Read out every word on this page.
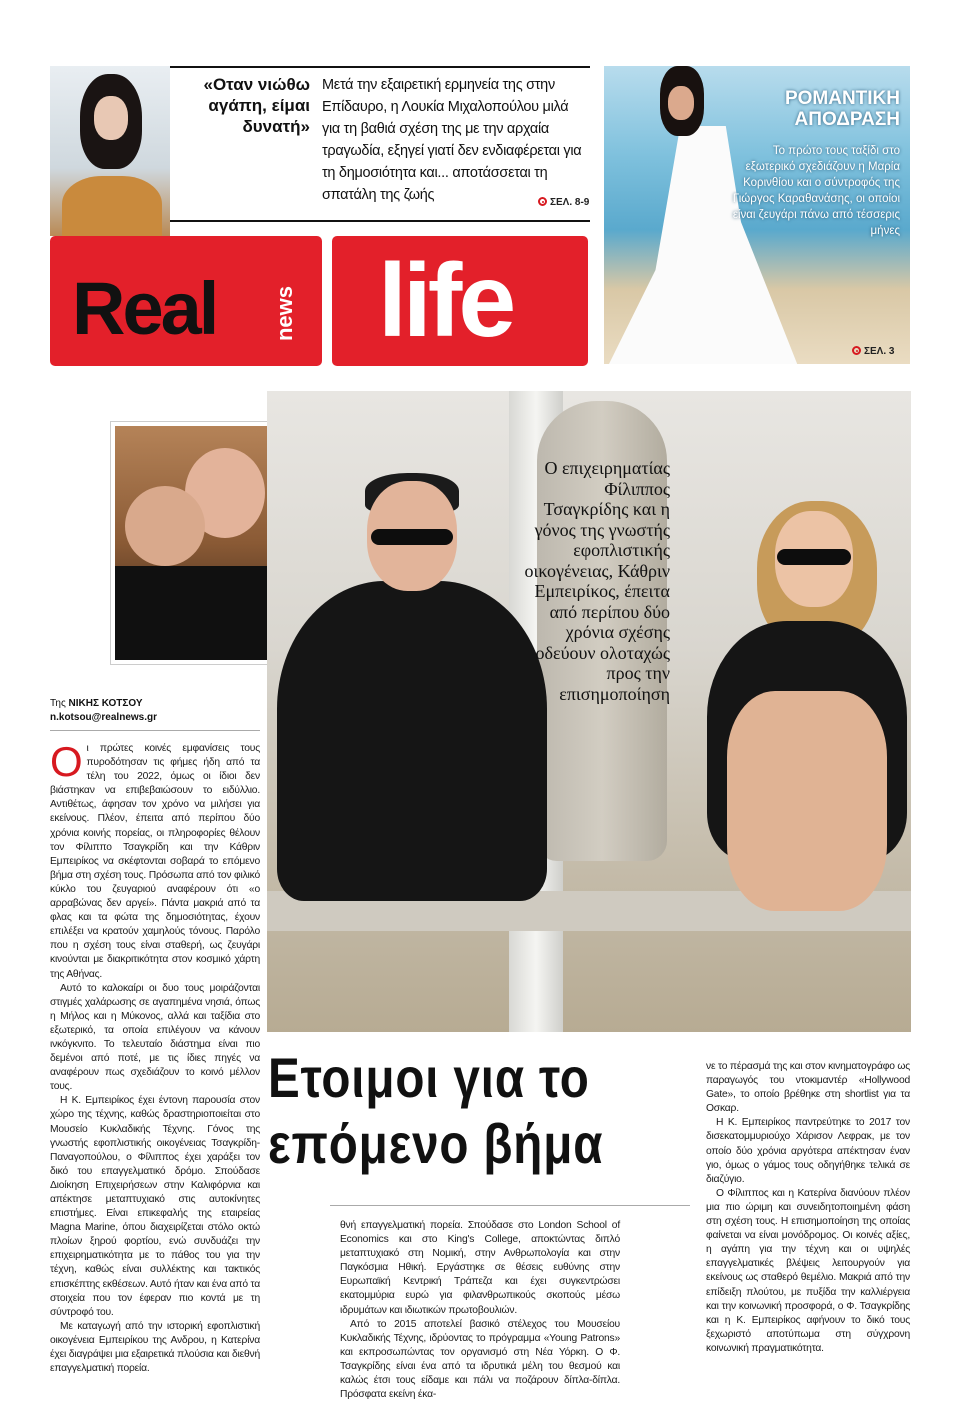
«Οταν νιώθω αγάπη, είμαι δυνατή»
Μετά την εξαιρετική ερμηνεία της στην Επίδαυρο, η Λουκία Μιχαλοπούλου μιλά για τη βαθιά σχέση της με την αρχαία τραγωδία, εξηγεί γιατί δεν ενδιαφέρεται για τη δημοσιότητα και... αποτάσσεται τη σπατάλη της ζωής	ΣΕΛ. 8-9
Real	news life
ΡΟΜΑΝΤΙΚΗ ΑΠΟΔΡΑΣΗ
Το πρώτο τους ταξίδι στο εξωτερικό σχεδιάζουν η Μαρία Κορινθίου και ο σύντροφός της Γιώργος Καραθανάσης, οι οποίοι είναι ζευγάρι πάνω από τέσσερις μήνες
ΣΕΛ. 3
Ο επιχειρηματίας Φίλιππος Τσαγκρίδης και η γόνος της γνωστής εφοπλιστικής οικογένειας, Κάθριν Εμπειρίκος, έπειτα από περίπου δύο χρόνια σχέσης οδεύουν ολοταχώς προς την επισημοποίηση
Της ΝΙΚΗΣ ΚΟΤΣΟΥ
n.kotsou@realnews.gr

Οι πρώτες κοινές εμφανίσεις τους πυροδότησαν τις φήμες ήδη από τα τέλη του 2022, όμως οι ίδιοι δεν βιάστηκαν να επιβεβαιώσουν το ειδύλλιο. Αντιθέτως, άφησαν τον χρόνο να μιλήσει για εκείνους. Πλέον, έπειτα από περίπου δύο χρόνια κοινής πορείας, οι πληροφορίες θέλουν τον Φίλιππο Τσαγκρίδη και την Κάθριν Εμπειρίκος να σκέφτονται σοβαρά το επόμενο βήμα στη σχέση τους. Πρόσωπα από τον φιλικό κύκλο του ζευγαριού αναφέρουν ότι «ο αρραβώνας δεν αργεί». Πάντα μακριά από τα φλας και τα φώτα της δημοσιότητας, έχουν επιλέξει να κρατούν χαμηλούς τόνους. Παρόλο που η σχέση τους είναι σταθερή, ως ζευγάρι κινούνται με διακριτικότητα στον κοσμικό χάρτη της Αθήνας.

Αυτό το καλοκαίρι οι δυο τους μοιράζονται στιγμές χαλάρωσης σε αγαπημένα νησιά, όπως η Μήλος και η Μύκονος, αλλά και ταξίδια στο εξωτερικό, τα οποία επιλέγουν να κάνουν ινκόγκνιτο. Το τελευταίο διάστημα είναι πιο δεμένοι από ποτέ, με τις ίδιες πηγές να αναφέρουν πως σχεδιάζουν το κοινό μέλλον τους.

Η Κ. Εμπειρίκος έχει έντονη παρουσία στον χώρο της τέχνης, καθώς δραστηριοποιείται στο Μουσείο Κυκλαδικής Τέχνης. Γόνος της γνωστής εφοπλιστικής οικογένειας Τσαγκρίδη-Παναγοπούλου, ο Φίλιππος έχει χαράξει τον δικό του επαγγελματικό δρόμο. Σπούδασε Διοίκηση Επιχειρήσεων στην Καλιφόρνια και απέκτησε μεταπτυχιακό στις αυτοκίνητες επιστήμες. Είναι επικεφαλής της εταιρείας Magna Marine, όπου διαχειρίζεται στόλο οκτώ πλοίων ξηρού φορτίου, ενώ συνδυάζει την επιχειρηματικότητα με το πάθος του για την τέχνη, καθώς είναι συλλέκτης και τακτικός επισκέπτης εκθέσεων. Αυτό ήταν και ένα από τα στοιχεία που τον έφεραν πιο κοντά με τη σύντροφό του.

Με καταγωγή από την ιστορική εφοπλιστική οικογένεια Εμπειρίκου της Ανδρου, η Κατερίνα έχει διαγράψει μια εξαιρετικά πλούσια και διεθνή επαγγελματική πορεία.

Ετοιμοι για το επόμενο βήμα

θνή επαγγελματική πορεία. Σπούδασε στο London School of Economics και στο King's College, αποκτώντας διπλό μεταπτυχιακό στη Νομική, στην Ανθρωπολογία και στην Παγκόσμια Ηθική. Εργάστηκε σε θέσεις ευθύνης στην Ευρωπαϊκή Κεντρική Τράπεζα και έχει συγκεντρώσει εκατομμύρια ευρώ για φιλανθρωπικούς σκοπούς μέσω ιδρυμάτων και ιδιωτικών πρωτοβουλιών.

Από το 2015 αποτελεί βασικό στέλεχος του Μουσείου Κυκλαδικής Τέχνης, ιδρύοντας το πρόγραμμα «Young Patrons» και εκπροσωπώντας τον οργανισμό στη Νέα Υόρκη. Ο Φ. Τσαγκρίδης είναι ένα από τα ιδρυτικά μέλη του θεσμού και καλώς έτσι τους είδαμε και πάλι να ποζάρουν δίπλα-δίπλα. Πρόσφατα εκείνη έκα-

νε το πέρασμά της και στον κινηματογράφο ως παραγωγός του ντοκιμαντέρ «Hollywood Gate», το οποίο βρέθηκε στη shortlist για τα Οσκαρ.

Η Κ. Εμπειρίκος παντρεύτηκε το 2017 τον δισεκατομμυριούχο Χάρισον Λεφρακ, με τον οποίο δύο χρόνια αργότερα απέκτησαν έναν γιο, όμως ο γάμος τους οδηγήθηκε τελικά σε διαζύγιο.

Ο Φίλιππος και η Κατερίνα διανύουν πλέον μια πιο ώριμη και συνειδητοποιημένη φάση στη σχέση τους. Η επισημοποίηση της οποίας φαίνεται να είναι μονόδρομος. Οι κοινές αξίες, η αγάπη για την τέχνη και οι υψηλές επαγγελματικές βλέψεις λειτουργούν για εκείνους ως σταθερό θεμέλιο. Μακριά από την επίδειξη πλούτου, με πυξίδα την καλλιέργεια και την κοινωνική προσφορά, ο Φ. Τσαγκρίδης και η Κ. Εμπειρίκος αφήνουν το δικό τους ξεχωριστό αποτύπωμα στη σύγχρονη κοινωνική πραγματικότητα.
